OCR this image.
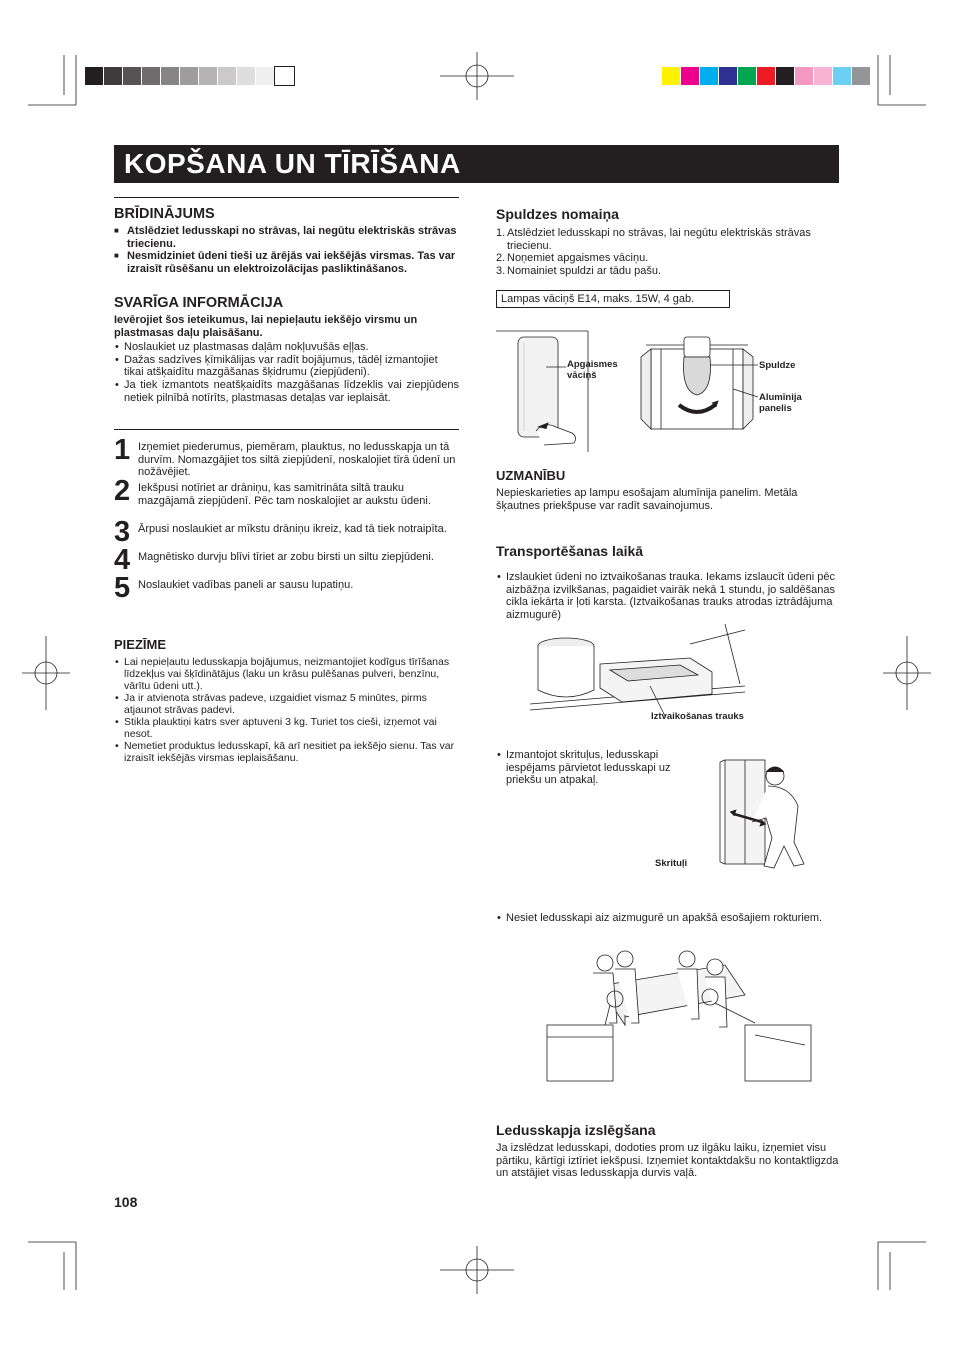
KOPŠANA UN TĪRĪŠANA
BRĪDINĀJUMS
■ Atslēdziet ledusskapi no strāvas, lai negūtu elektriskās strāvas triecienu.
■ Nesmidziniet ūdeni tieši uz ārējās vai iekšējās virsmas. Tas var izraisīt rūsēšanu un elektroizolācijas pasliktināšanos.
SVARĪGA INFORMĀCIJA
Ievērojiet šos ieteikumus, lai nepieļautu iekšējo virsmu un plastmasas daļu plaisāšanu.
• Noslaukiet uz plastmasas daļām nokļuvušās eļļas.
• Dažas sadzīves ķīmikālijas var radīt bojājumus, tādēļ izmantojiet tikai atšķaidītu mazgāšanas šķidrumu (ziepjūdeni).
• Ja tiek izmantots neatšķaidīts mazgāšanas līdzeklis vai ziepjūdens netiek pilnībā notīrīts, plastmasas detaļas var ieplaisāt.
1 Izņemiet piederumus, piemēram, plauktus, no ledusskapja un tā durvīm. Nomazgājiet tos siltā ziepjūdenī, noskalojiet tīrā ūdenī un nožāvējiet.
2 Iekšpusi notīriet ar drāniņu, kas samitrināta siltā trauku mazgājamā ziepjūdenī. Pēc tam noskalojiet ar aukstu ūdeni.
3 Ārpusi noslaukiet ar mīkstu drāniņu ikreiz, kad tā tiek notraipīta.
4 Magnētisko durvju blīvi tīriet ar zobu birsti un siltu ziepjūdeni.
5 Noslaukiet vadības paneli ar sausu lupatiņu.
PIEZĪME
• Lai nepieļautu ledusskapja bojājumus, neizmantojiet kodīgus tīrīšanas līdzekļus vai šķīdinātājus (laku un krāsu pulēšanas pulveri, benzīnu, vārītu ūdeni utt.).
• Ja ir atvienota strāvas padeve, uzgaidiet vismaz 5 minūtes, pirms atjaunot strāvas padevi.
• Stikla plauktiņi katrs sver aptuveni 3 kg. Turiet tos cieši, izņemot vai nesot.
• Nemetiet produktus ledusskapī, kā arī nesitiet pa iekšējo sienu. Tas var izraisīt iekšējās virsmas ieplaisāšanu.
108
Spuldzes nomaiņa
1. Atslēdziet ledusskapi no strāvas, lai negūtu elektriskās strāvas triecienu.
2. Noņemiet apgaismes vāciņu.
3. Nomainiet spuldzi ar tādu pašu.
Lampas vāciņš E14, maks. 15W, 4 gab.
Apgaismes vāciņš
Spuldze
Alumīnija panelis
UZMANĪBU
Nepieskarieties ap lampu esošajam alumīnija panelim. Metāla šķautnes priekšpuse var radīt savainojumus.
Transportēšanas laikā
• Izslaukiet ūdeni no iztvaikošanas trauka. Iekams izslaucīt ūdeni pēc aizbāžņa izvilkšanas, pagaidiet vairāk nekā 1 stundu, jo saldēšanas cikla iekārta ir ļoti karsta. (Iztvaikošanas trauks atrodas iztrādājuma aizmugurē)
Iztvaikošanas trauks
• Izmantojot skrituļus, ledusskapi iespējams pārvietot ledusskapi uz priekšu un atpakaļ.
Skrituļi
• Nesiet ledusskapi aiz aizmugurē un apakšā esošajiem rokturiem.
Ledusskapja izslēgšana
Ja izslēdzat ledusskapi, dodoties prom uz ilgāku laiku, izņemiet visu pārtiku, kārtīgi iztīriet iekšpusi. Izņemiet kontaktdakšu no kontaktligzda un atstājiet visas ledusskapja durvis vaļā.
